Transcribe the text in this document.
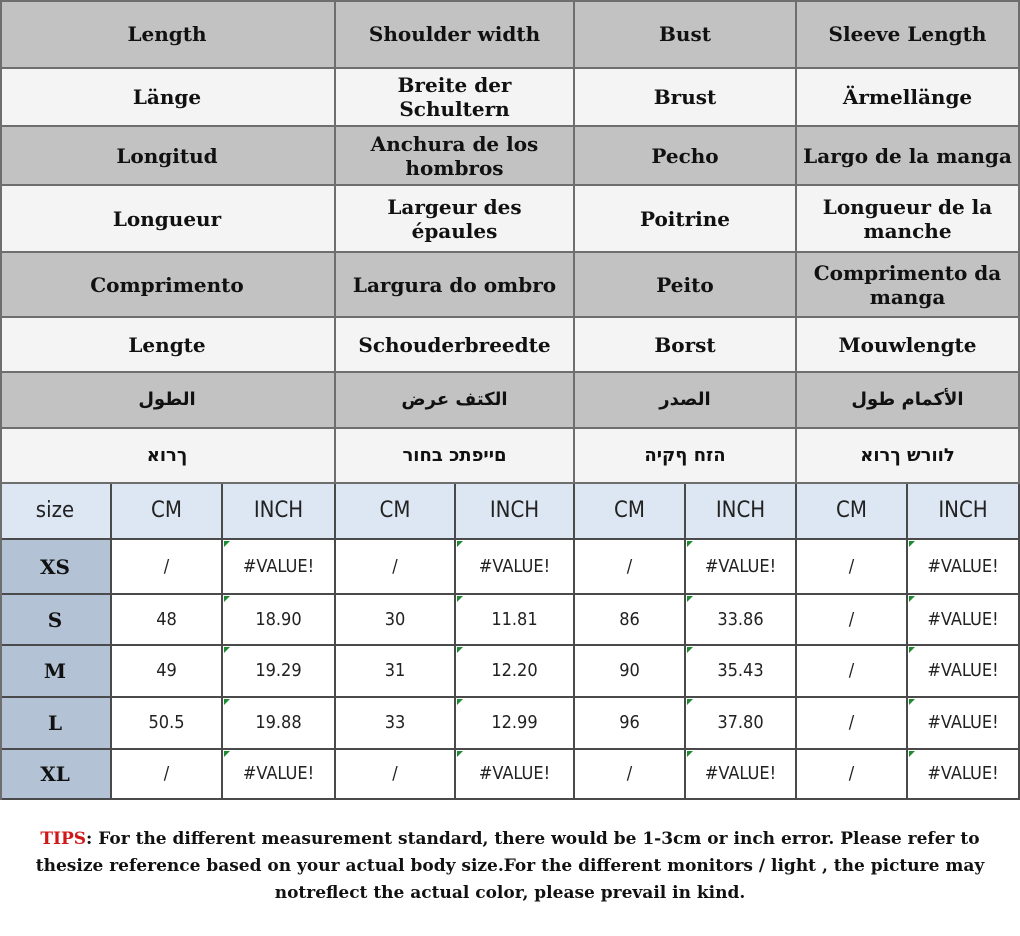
Length	Shoulder width	Bust	Sleeve Length
Länge	Breite der Schultern	Brust	Ärmellänge
Longitud	Anchura de los hombros	Pecho	Largo de la manga
Longueur	Largeur des épaules	Poitrine	Longueur de la manche
Comprimento	Largura do ombro	Peito	Comprimento da manga
Lengte	Schouderbreedte	Borst	Mouwlengte
الطول	الكتف عرض	الصدر	الأكمام طول
ךרוא	םייפתכ בחור	הזח ףקיה	לוורש ךרוא
size	CM	INCH	CM	INCH	CM	INCH	CM	INCH
XS	/	#VALUE!	/	#VALUE!	/	#VALUE!	/	#VALUE!
S	48	18.90	30	11.81	86	33.86	/	#VALUE!
M	49	19.29	31	12.20	90	35.43	/	#VALUE!
L	50.5	19.88	33	12.99	96	37.80	/	#VALUE!
XL	/	#VALUE!	/	#VALUE!	/	#VALUE!	/	#VALUE!
TIPS: For the different measurement standard, there would be 1-3cm or inch error. Please refer to thesize reference based on your actual body size.For the different monitors / light , the picture may notreflect the actual color, please prevail in kind.
